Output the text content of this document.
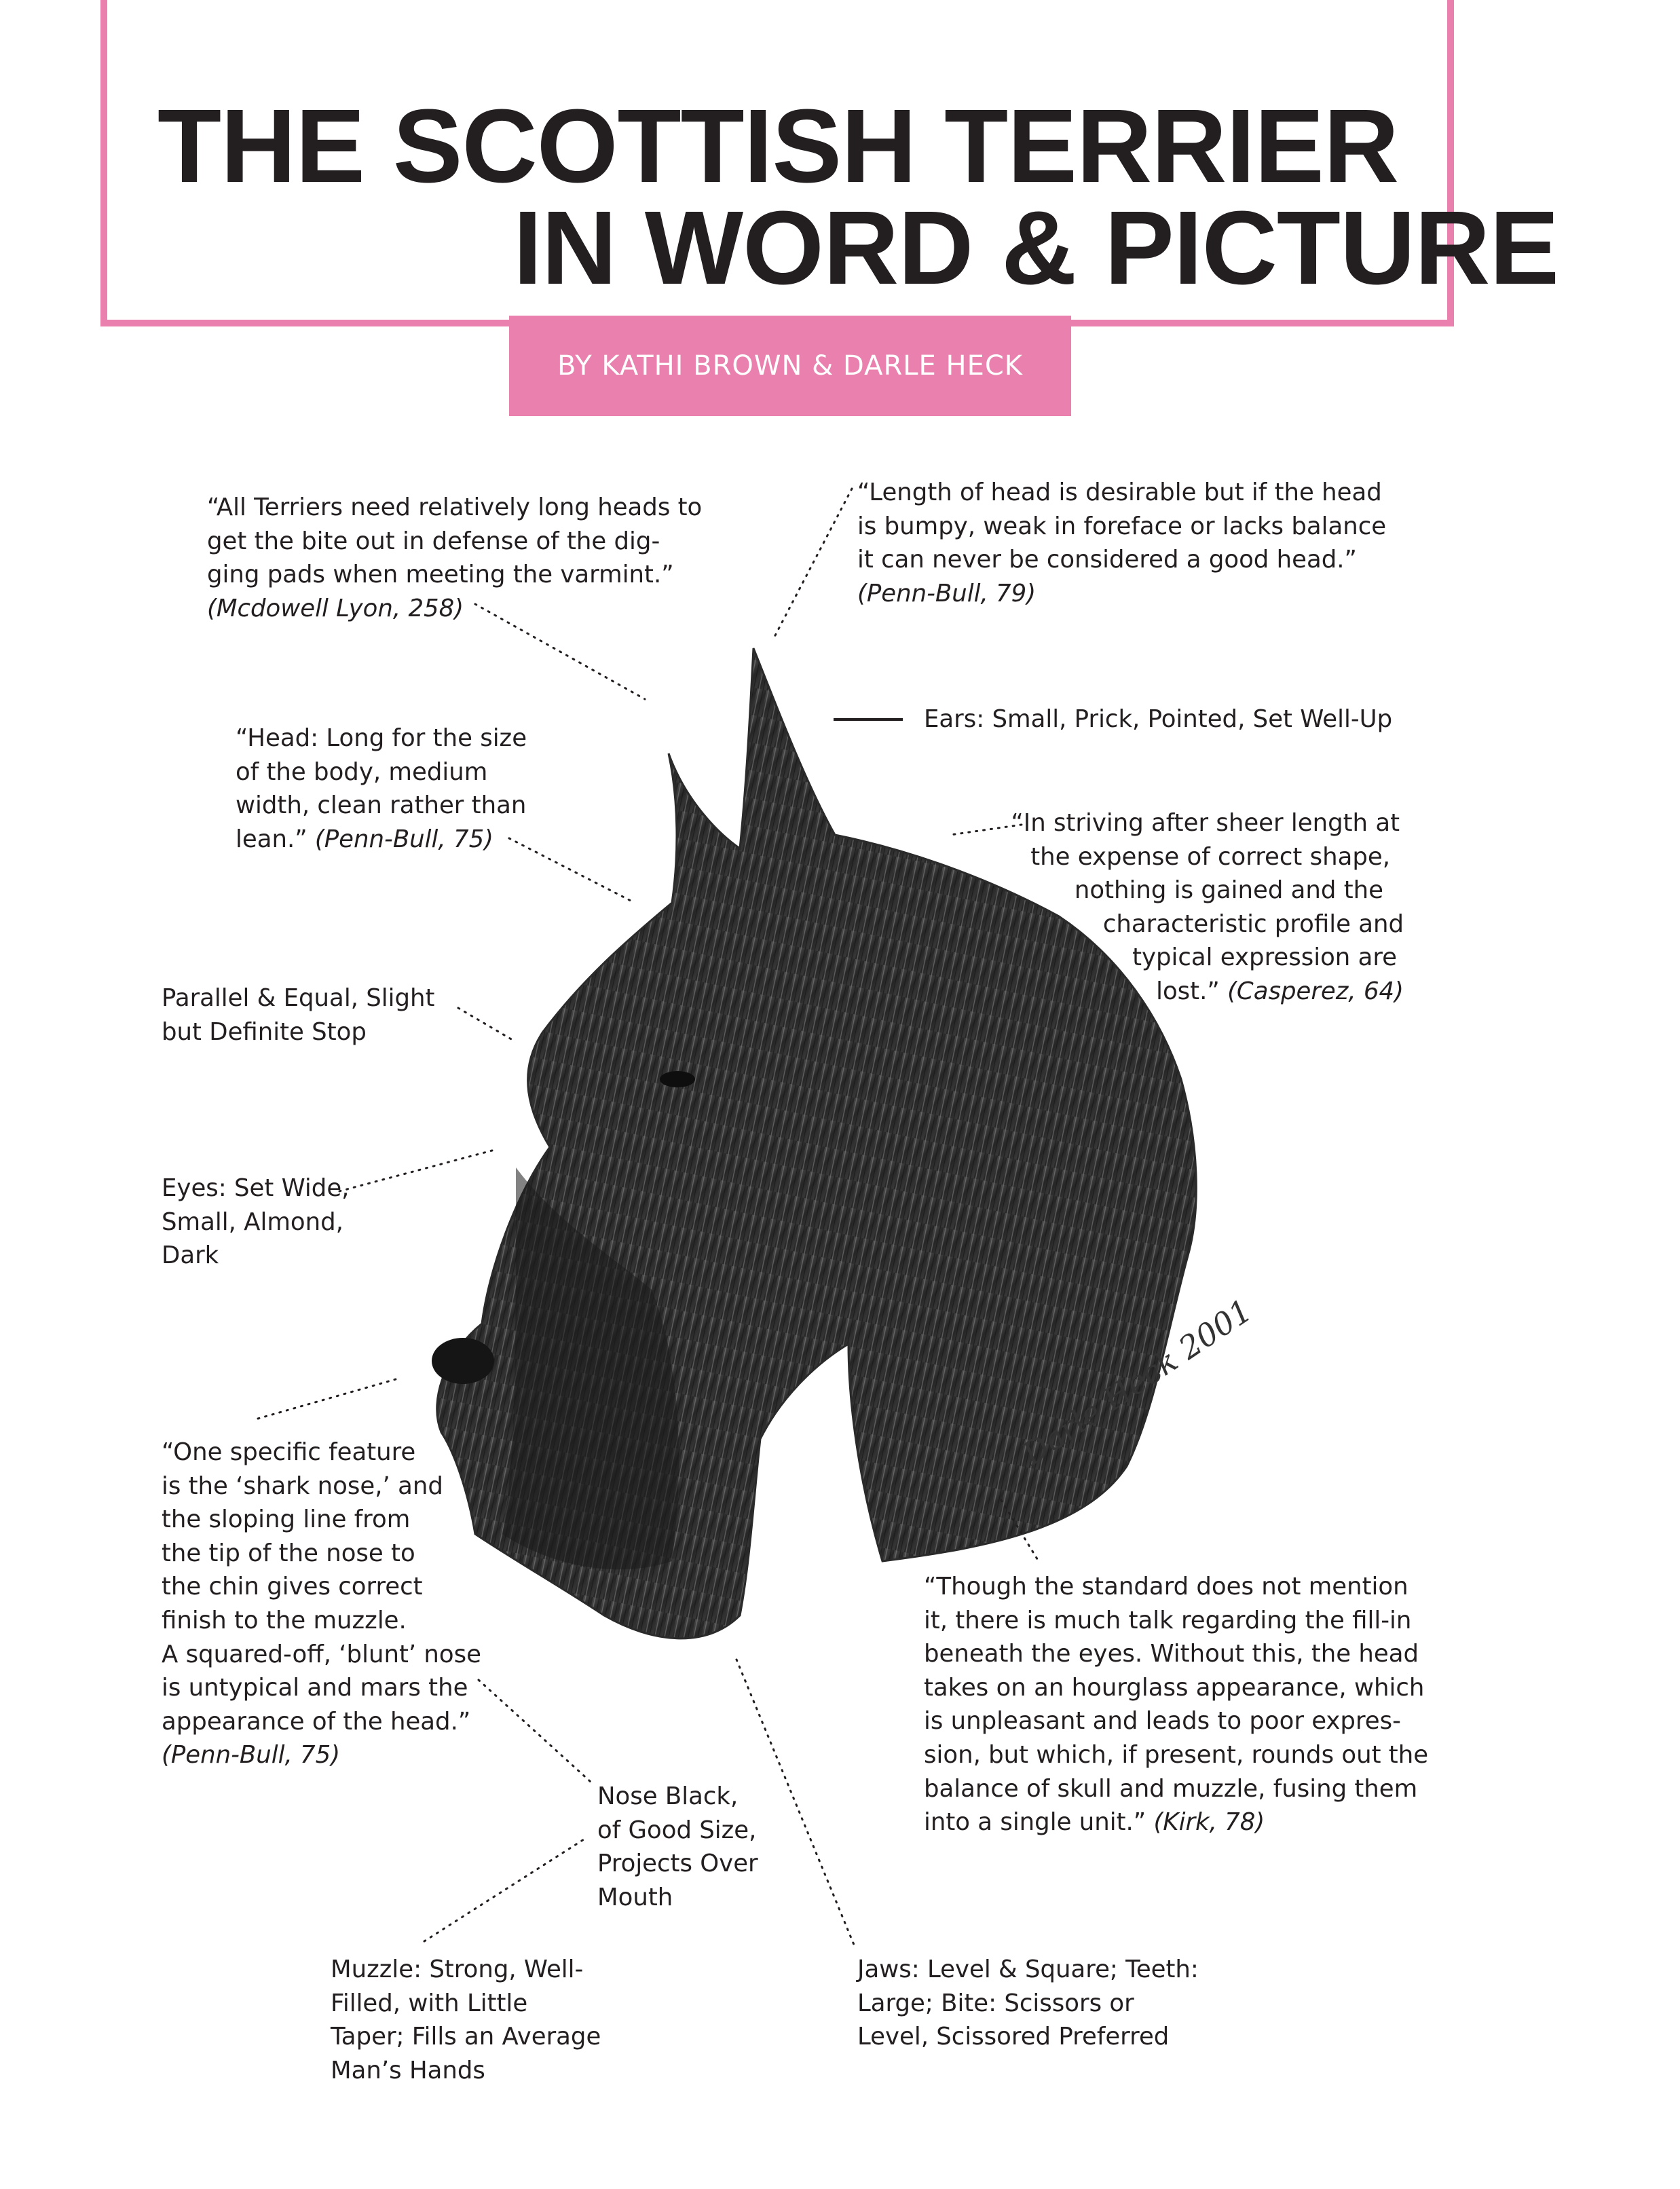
THE SCOTTISH TERRIER
IN WORD & PICTURE
BY KATHI BROWN & DARLE HECK
Darle Heck 2001
“All Terriers need relatively long heads to
get the bite out in defense of the dig-
ging pads when meeting the varmint.”
(Mcdowell Lyon, 258)
“Length of head is desirable but if the head
is bumpy, weak in foreface or lacks balance
it can never be considered a good head.”
(Penn-Bull, 79)
Ears: Small, Prick, Pointed, Set Well-Up
“Head: Long for the size
of the body, medium
width, clean rather than
lean.” (Penn-Bull, 75)
“In striving after sheer length at
the expense of correct shape,
nothing is gained and the
characteristic profile and
typical expression are
lost.” (Casperez, 64)
Parallel & Equal, Slight
but Definite Stop
Eyes: Set Wide,
Small, Almond,
Dark
“One specific feature
is the ‘shark nose,’ and
the sloping line from
the tip of the nose to
the chin gives correct
finish to the muzzle.
A squared-off, ‘blunt’ nose
is untypical and mars the
appearance of the head.”
(Penn-Bull, 75)
“Though the standard does not mention
it, there is much talk regarding the fill-in
beneath the eyes. Without this, the head
takes on an hourglass appearance, which
is unpleasant and leads to poor expres-
sion, but which, if present, rounds out the
balance of skull and muzzle, fusing them
into a single unit.” (Kirk, 78)
Nose Black,
of Good Size,
Projects Over
Mouth
Muzzle: Strong, Well-
Filled, with Little
Taper; Fills an Average
Man’s Hands
Jaws: Level & Square; Teeth:
Large; Bite: Scissors or
Level, Scissored Preferred
